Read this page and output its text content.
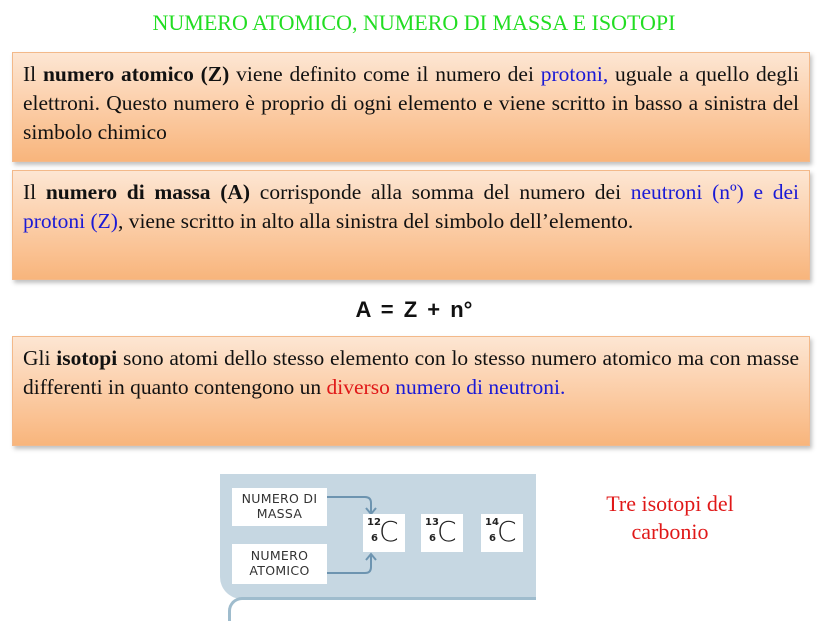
NUMERO ATOMICO, NUMERO DI MASSA E ISOTOPI
Il numero atomico (Z) viene definito come il numero dei protoni, uguale a quello degli elettroni. Questo numero è proprio di ogni elemento e viene scritto in basso a sinistra del simbolo chimico
Il numero di massa (A) corrisponde alla somma del numero dei neutroni (nº) e dei protoni (Z), viene scritto in alto alla sinistra del simbolo dell’elemento.
A = Z + n°
Gli isotopi sono atomi dello stesso elemento con lo stesso numero atomico ma con masse differenti in quanto contengono un diverso numero di neutroni.
NUMERO DI
MASSA
NUMERO
ATOMICO
12
6 C	13
6 C	14
6 C
Tre isotopi del
carbonio
